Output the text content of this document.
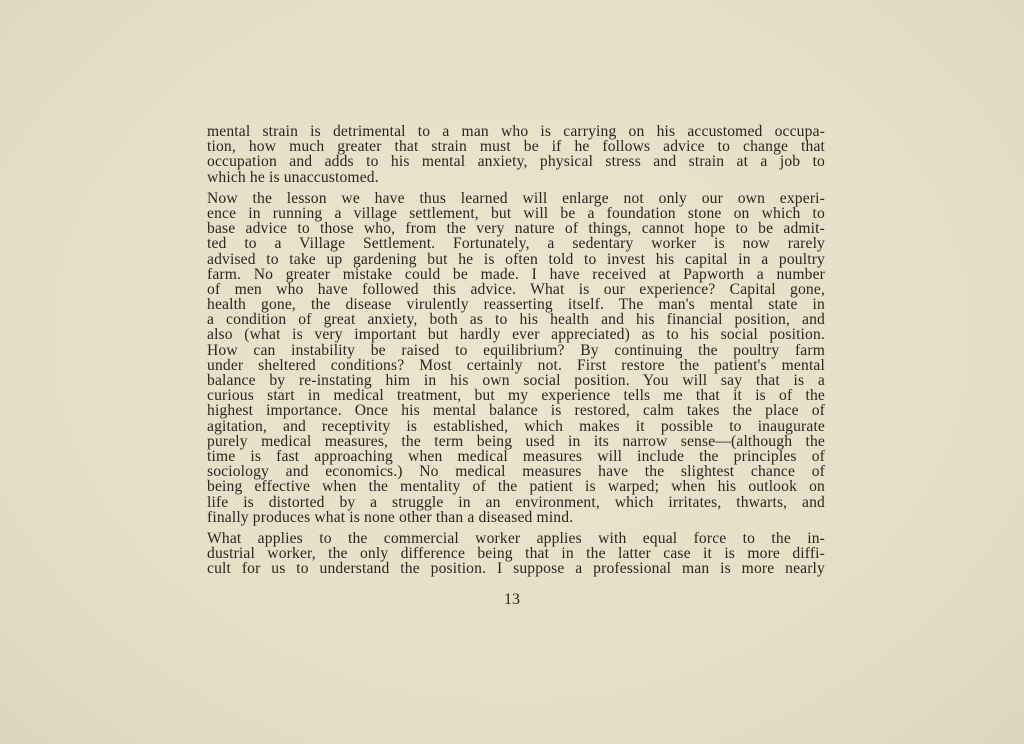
mental strain is detrimental to a man who is carrying on his accustomed occupa-
tion, how much greater that strain must be if he follows advice to change that
occupation and adds to his mental anxiety, physical stress and strain at a job to
which he is unaccustomed.
Now the lesson we have thus learned will enlarge not only our own experi-
ence in running a village settlement, but will be a foundation stone on which to
base advice to those who, from the very nature of things, cannot hope to be admit-
ted to a Village Settlement. Fortunately, a sedentary worker is now rarely
advised to take up gardening but he is often told to invest his capital in a poultry
farm. No greater mistake could be made. I have received at Papworth a number
of men who have followed this advice. What is our experience? Capital gone,
health gone, the disease virulently reasserting itself. The man's mental state in
a condition of great anxiety, both as to his health and his financial position, and
also (what is very important but hardly ever appreciated) as to his social position.
How can instability be raised to equilibrium? By continuing the poultry farm
under sheltered conditions? Most certainly not. First restore the patient's mental
balance by re-instating him in his own social position. You will say that is a
curious start in medical treatment, but my experience tells me that it is of the
highest importance. Once his mental balance is restored, calm takes the place of
agitation, and receptivity is established, which makes it possible to inaugurate
purely medical measures, the term being used in its narrow sense—(although the
time is fast approaching when medical measures will include the principles of
sociology and economics.) No medical measures have the slightest chance of
being effective when the mentality of the patient is warped; when his outlook on
life is distorted by a struggle in an environment, which irritates, thwarts, and
finally produces what is none other than a diseased mind.
What applies to the commercial worker applies with equal force to the in-
dustrial worker, the only difference being that in the latter case it is more diffi-
cult for us to understand the position. I suppose a professional man is more nearly
13
